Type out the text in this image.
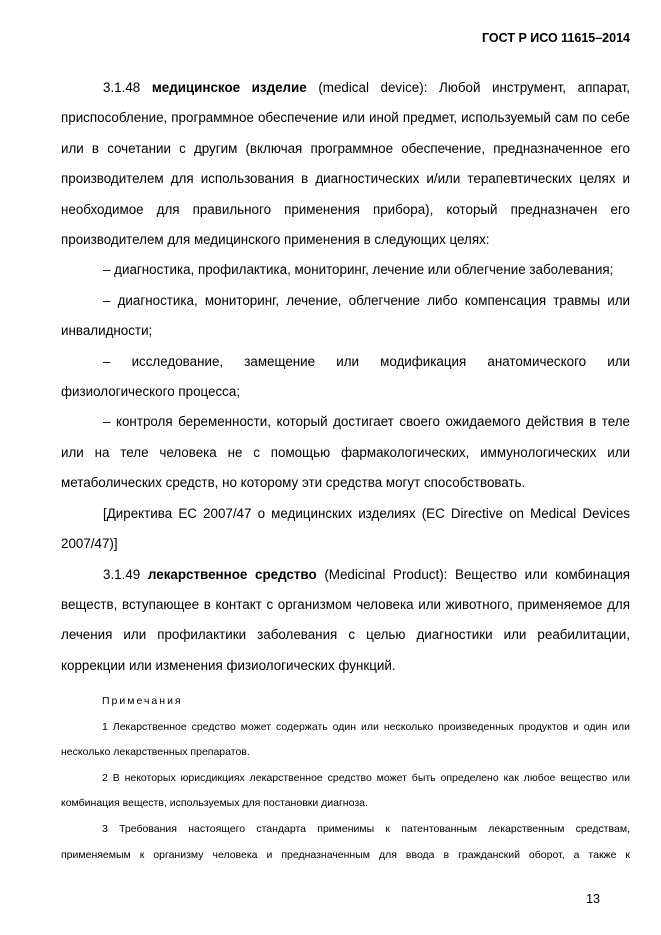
ГОСТ Р ИСО 11615–2014

3.1.48 медицинское изделие (medical device): Любой инструмент, аппарат, приспособление, программное обеспечение или иной предмет, используемый сам по себе или в сочетании с другим (включая программное обеспечение, предназначенное его производителем для использования в диагностических и/или терапевтических целях и необходимое для правильного применения прибора), который предназначен его производителем для медицинского применения в следующих целях:

– диагностика, профилактика, мониторинг, лечение или облегчение заболевания;

– диагностика, мониторинг, лечение, облегчение либо компенсация травмы или инвалидности;

– исследование, замещение или модификация анатомического или физиологического процесса;

– контроля беременности, который достигает своего ожидаемого действия в теле или на теле человека не с помощью фармакологических, иммунологических или метаболических средств, но которому эти средства могут способствовать.

[Директива ЕС 2007/47 о медицинских изделиях (EC Directive on Medical Devices 2007/47)]

3.1.49 лекарственное средство (Medicinal Product): Вещество или комбинация веществ, вступающее в контакт с организмом человека или животного, применяемое для лечения или профилактики заболевания с целью диагностики или реабилитации, коррекции или изменения физиологических функций.

Примечания

1 Лекарственное средство может содержать один или несколько произведенных продуктов и один или несколько лекарственных препаратов.

2 В некоторых юрисдикциях лекарственное средство может быть определено как любое вещество или комбинация веществ, используемых для постановки диагноза.

3 Требования настоящего стандарта применимы к патентованным лекарственным средствам, применяемым к организму человека и предназначенным для ввода в гражданский оборот, а также к

13
